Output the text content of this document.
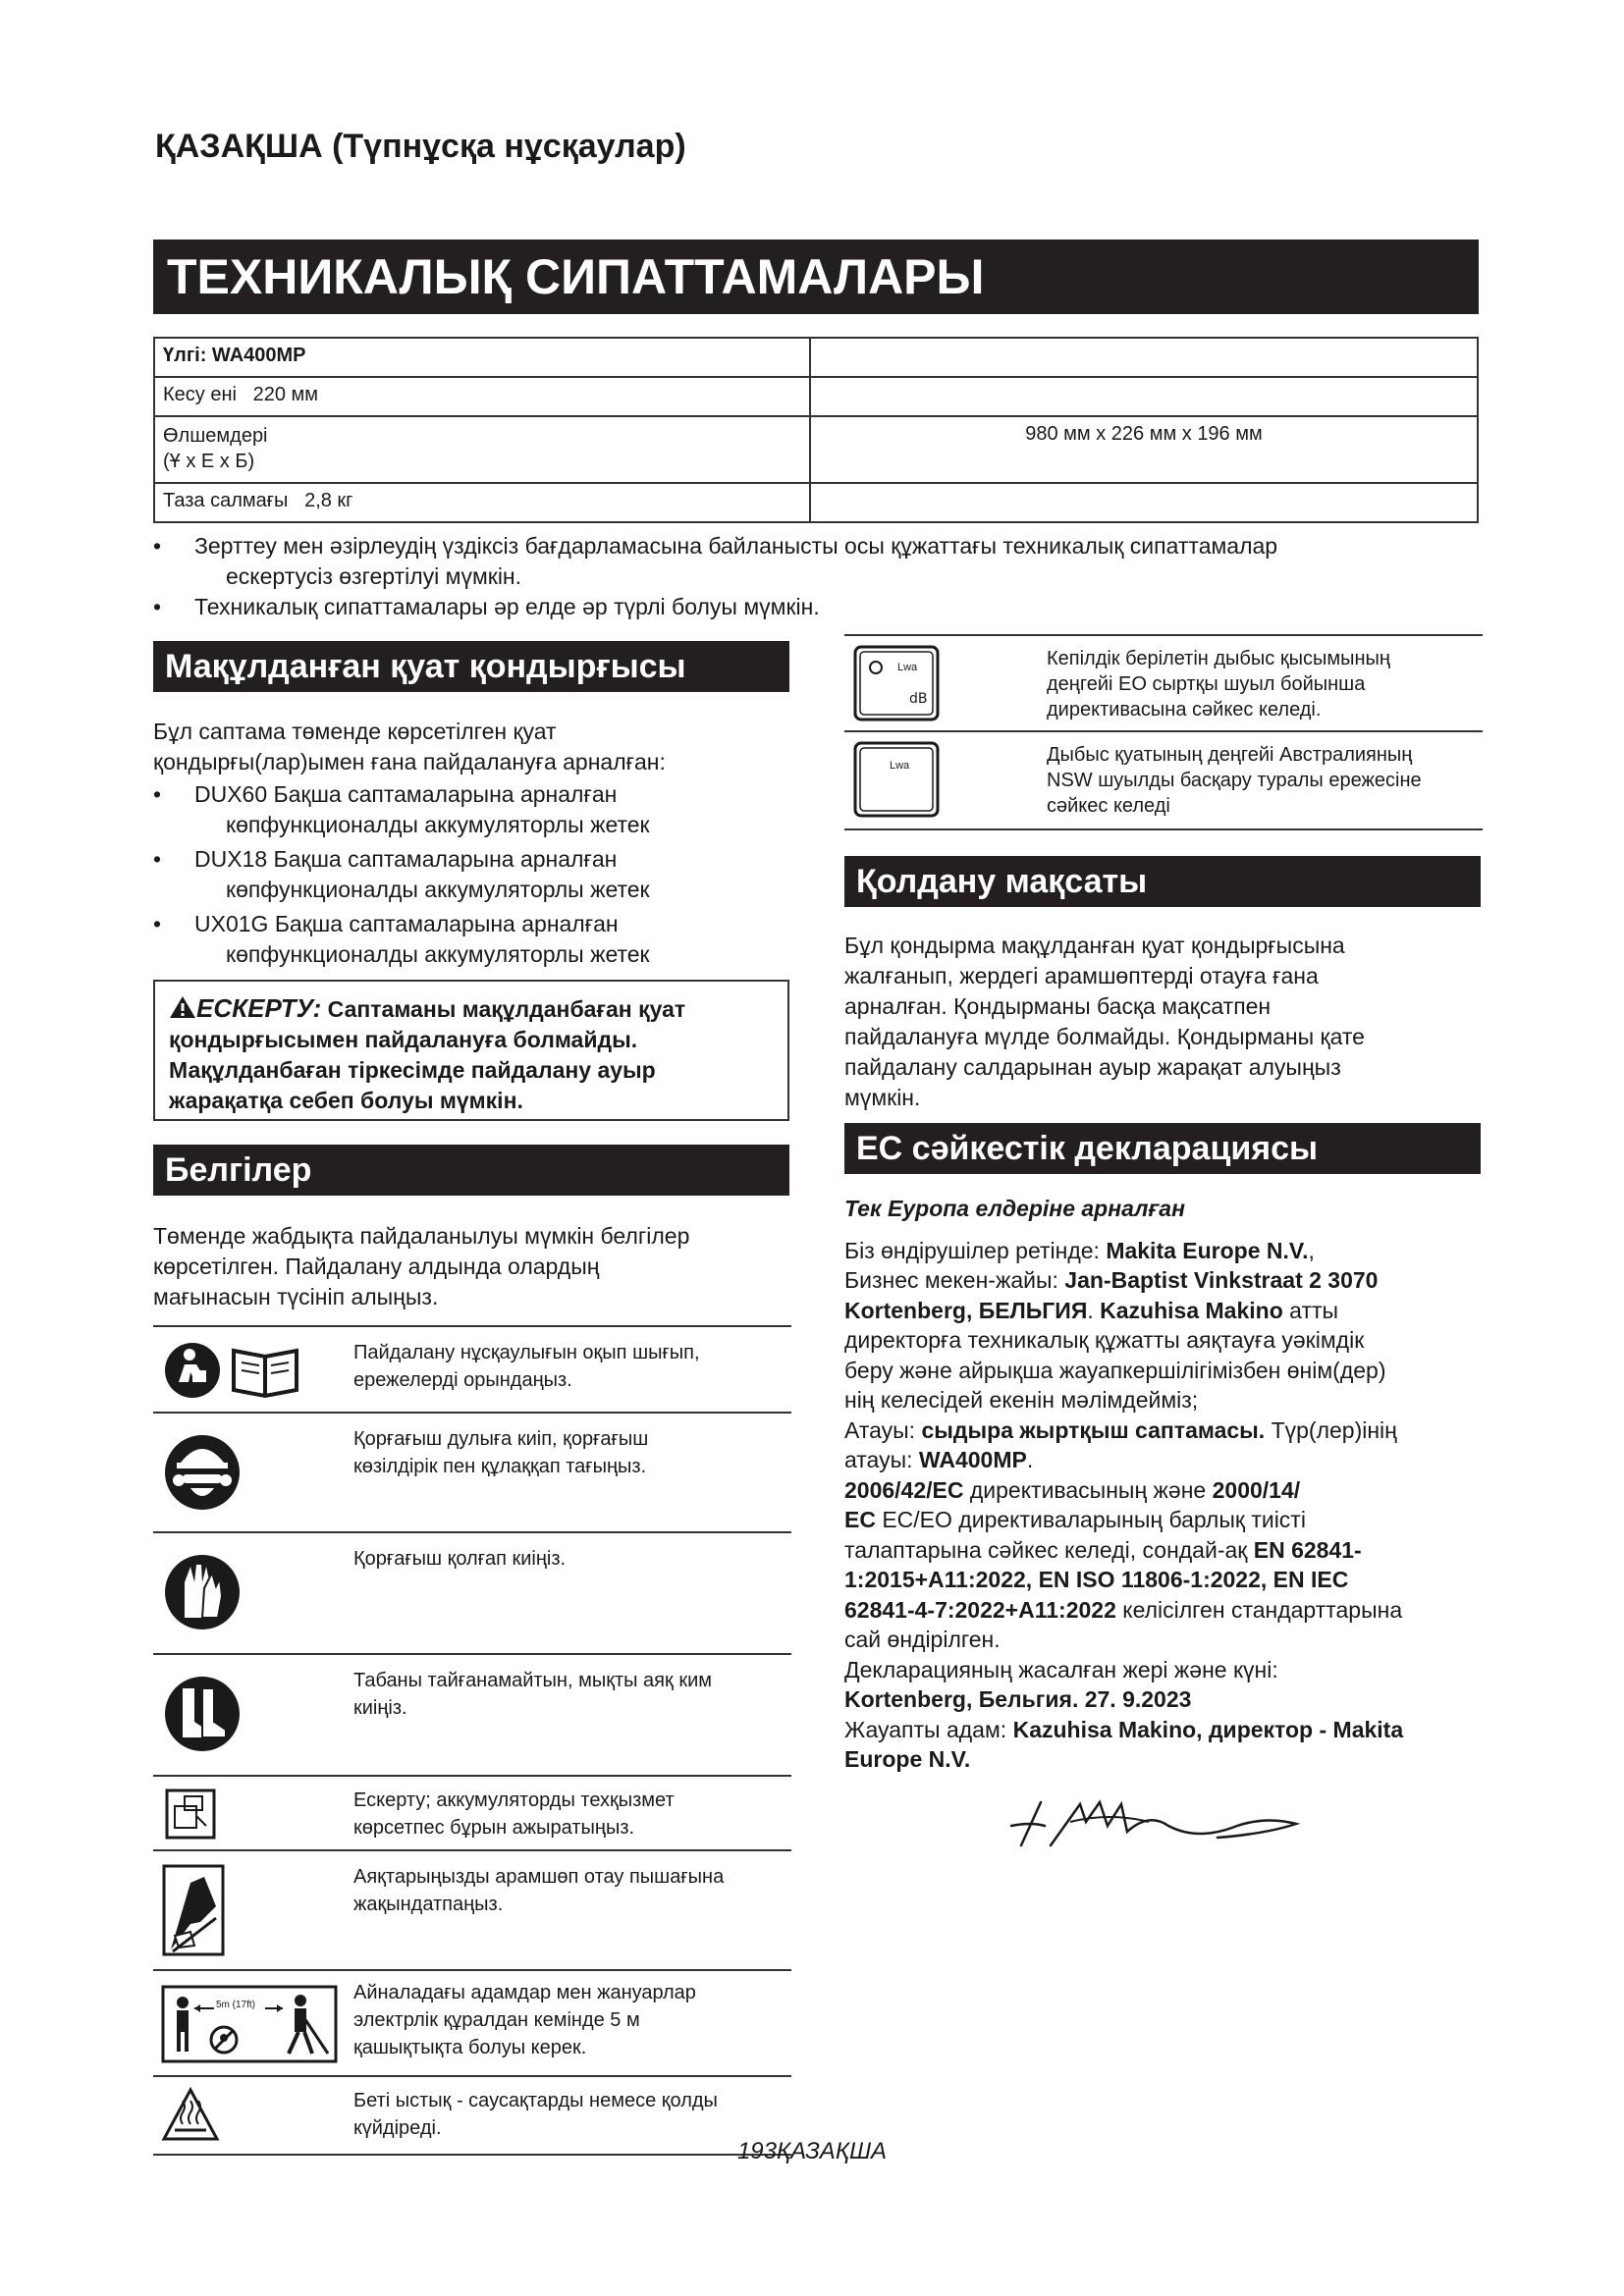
ҚАЗАҚША (Түпнұсқа нұсқаулар)
ТЕХНИКАЛЫҚ СИПАТТАМАЛАРЫ
Үлгі: WA400MP	
Кесу ені   220 мм	

Өлшемдері
(Ұ x Е x Б)	980 мм x 226 мм x 196 мм
Таза салмағы   2,8 кг	
• Зерттеу мен әзірлеудің үздіксіз бағдарламасына байланысты осы құжаттағы техникалық сипаттамалар
ескертусіз өзгертілуі мүмкін.
• Техникалық сипаттамалары әр елде әр түрлі болуы мүмкін.
Мақұлданған қуат қондырғысы
Бұл саптама төменде көрсетілген қуат
қондырғы(лар)ымен ғана пайдалануға арналған:
• DUX60 Бақша саптамаларына арналған
көпфункционалды аккумуляторлы жетек
• DUX18 Бақша саптамаларына арналған
көпфункционалды аккумуляторлы жетек
• UX01G Бақша саптамаларына арналған
көпфункционалды аккумуляторлы жетек
ЕСКЕРТУ: Саптаманы мақұлданбаған қуат
қондырғысымен пайдалануға болмайды.
Мақұлданбаған тіркесімде пайдалану ауыр
жарақатқа себеп болуы мүмкін.
Белгілер
Төменде жабдықта пайдаланылуы мүмкін белгілер
көрсетілген. Пайдалану алдында олардың
мағынасын түсініп алыңыз.
Пайдалану нұсқаулығын оқып шығып,
ережелерді орындаңыз.
Қорғағыш дулыға киіп, қорғағыш
көзілдірік пен құлаққап тағыңыз.
Қорғағыш қолғап киіңіз.
Табаны тайғанамайтын, мықты аяқ ким
киіңіз.
Ескерту; аккумуляторды техқызмет
көрсетпес бұрын ажыратыңыз.
Аяқтарыңызды арамшөп отау пышағына
жақындатпаңыз.
5m (17ft)
Айналадағы адамдар мен жануарлар
электрлік құралдан кемінде 5 м
қашықтықта болуы керек.
Беті ыстық - саусақтарды немесе қолды
күйдіреді.
dB
Lwa	Кепілдік берілетін дыбыс қысымының
деңгейі ЕО сыртқы шуыл бойынша
директивасына сәйкес келеді.
Lwa	Дыбыс қуатының деңгейі Австралияның
NSW шуылды басқару туралы ережесіне
сәйкес келеді
Қолдану мақсаты
Бұл қондырма мақұлданған қуат қондырғысына
жалғанып, жердегі арамшөптерді отауға ғана
арналған. Қондырманы басқа мақсатпен
пайдалануға мүлде болмайды. Қондырманы қате
пайдалану салдарынан ауыр жарақат алуыңыз
мүмкін.
ЕС сәйкестік декларациясы
Тек Еуропа елдеріне арналған
Біз өндірушілер ретінде: Makita Europe N.V.,
Бизнес мекен-жайы: Jan-Baptist Vinkstraat 2 3070
Kortenberg, БЕЛЬГИЯ. Kazuhisa Makino атты
директорға техникалық құжатты аяқтауға уәкімдік
беру және айрықша жауапкершілігімізбен өнім(дер)
нің келесідей екенін мәлімдейміз;
Атауы: сыдыра жыртқыш саптамасы. Түр(лер)інің
атауы: WA400MP.
2006/42/EC директивасының және 2000/14/
EC ЕС/ЕО директиваларының барлық тиісті
талаптарына сәйкес келеді, сондай-ақ EN 62841-
1:2015+A11:2022, EN ISO 11806-1:2022, EN IEC
62841-4-7:2022+A11:2022 келісілген стандарттарына
сай өндірілген.
Декларацияның жасалған жері және күні:
Kortenberg, Бельгия. 27. 9.2023
Жауапты адам: Kazuhisa Makino, директор - Makita
Europe N.V.
193ҚАЗАҚША
